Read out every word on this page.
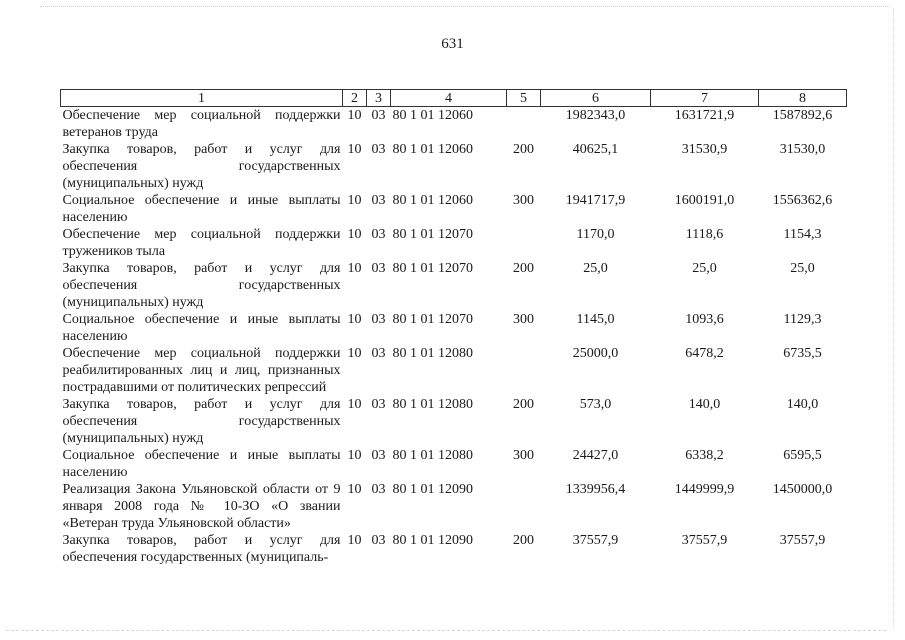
631
1	2	3	4	5	6	7	8
Обеспечение мер социальной поддержки ветеранов труда	10	03	80 1 01 12060		1982343,0	1631721,9	1587892,6
Закупка товаров, работ и услуг для обеспечения государственных (муниципальных) нужд	10	03	80 1 01 12060	200	40625,1	31530,9	31530,0
Социальное обеспечение и иные выплаты населению	10	03	80 1 01 12060	300	1941717,9	1600191,0	1556362,6
Обеспечение мер социальной поддержки тружеников тыла	10	03	80 1 01 12070		1170,0	1118,6	1154,3
Закупка товаров, работ и услуг для обеспечения государственных (муниципальных) нужд	10	03	80 1 01 12070	200	25,0	25,0	25,0
Социальное обеспечение и иные выплаты населению	10	03	80 1 01 12070	300	1145,0	1093,6	1129,3
Обеспечение мер социальной поддержки реабилитированных лиц и лиц, признанных пострадавшими от политических репрессий	10	03	80 1 01 12080		25000,0	6478,2	6735,5
Закупка товаров, работ и услуг для обеспечения государственных (муниципальных) нужд	10	03	80 1 01 12080	200	573,0	140,0	140,0
Социальное обеспечение и иные выплаты населению	10	03	80 1 01 12080	300	24427,0	6338,2	6595,5
Реализация Закона Ульяновской области от 9 января 2008 года № 10-ЗО «О звании «Ветеран труда Ульяновской области»	10	03	80 1 01 12090		1339956,4	1449999,9	1450000,0
Закупка товаров, работ и услуг для обеспечения государственных (муниципаль-	10	03	80 1 01 12090	200	37557,9	37557,9	37557,9
